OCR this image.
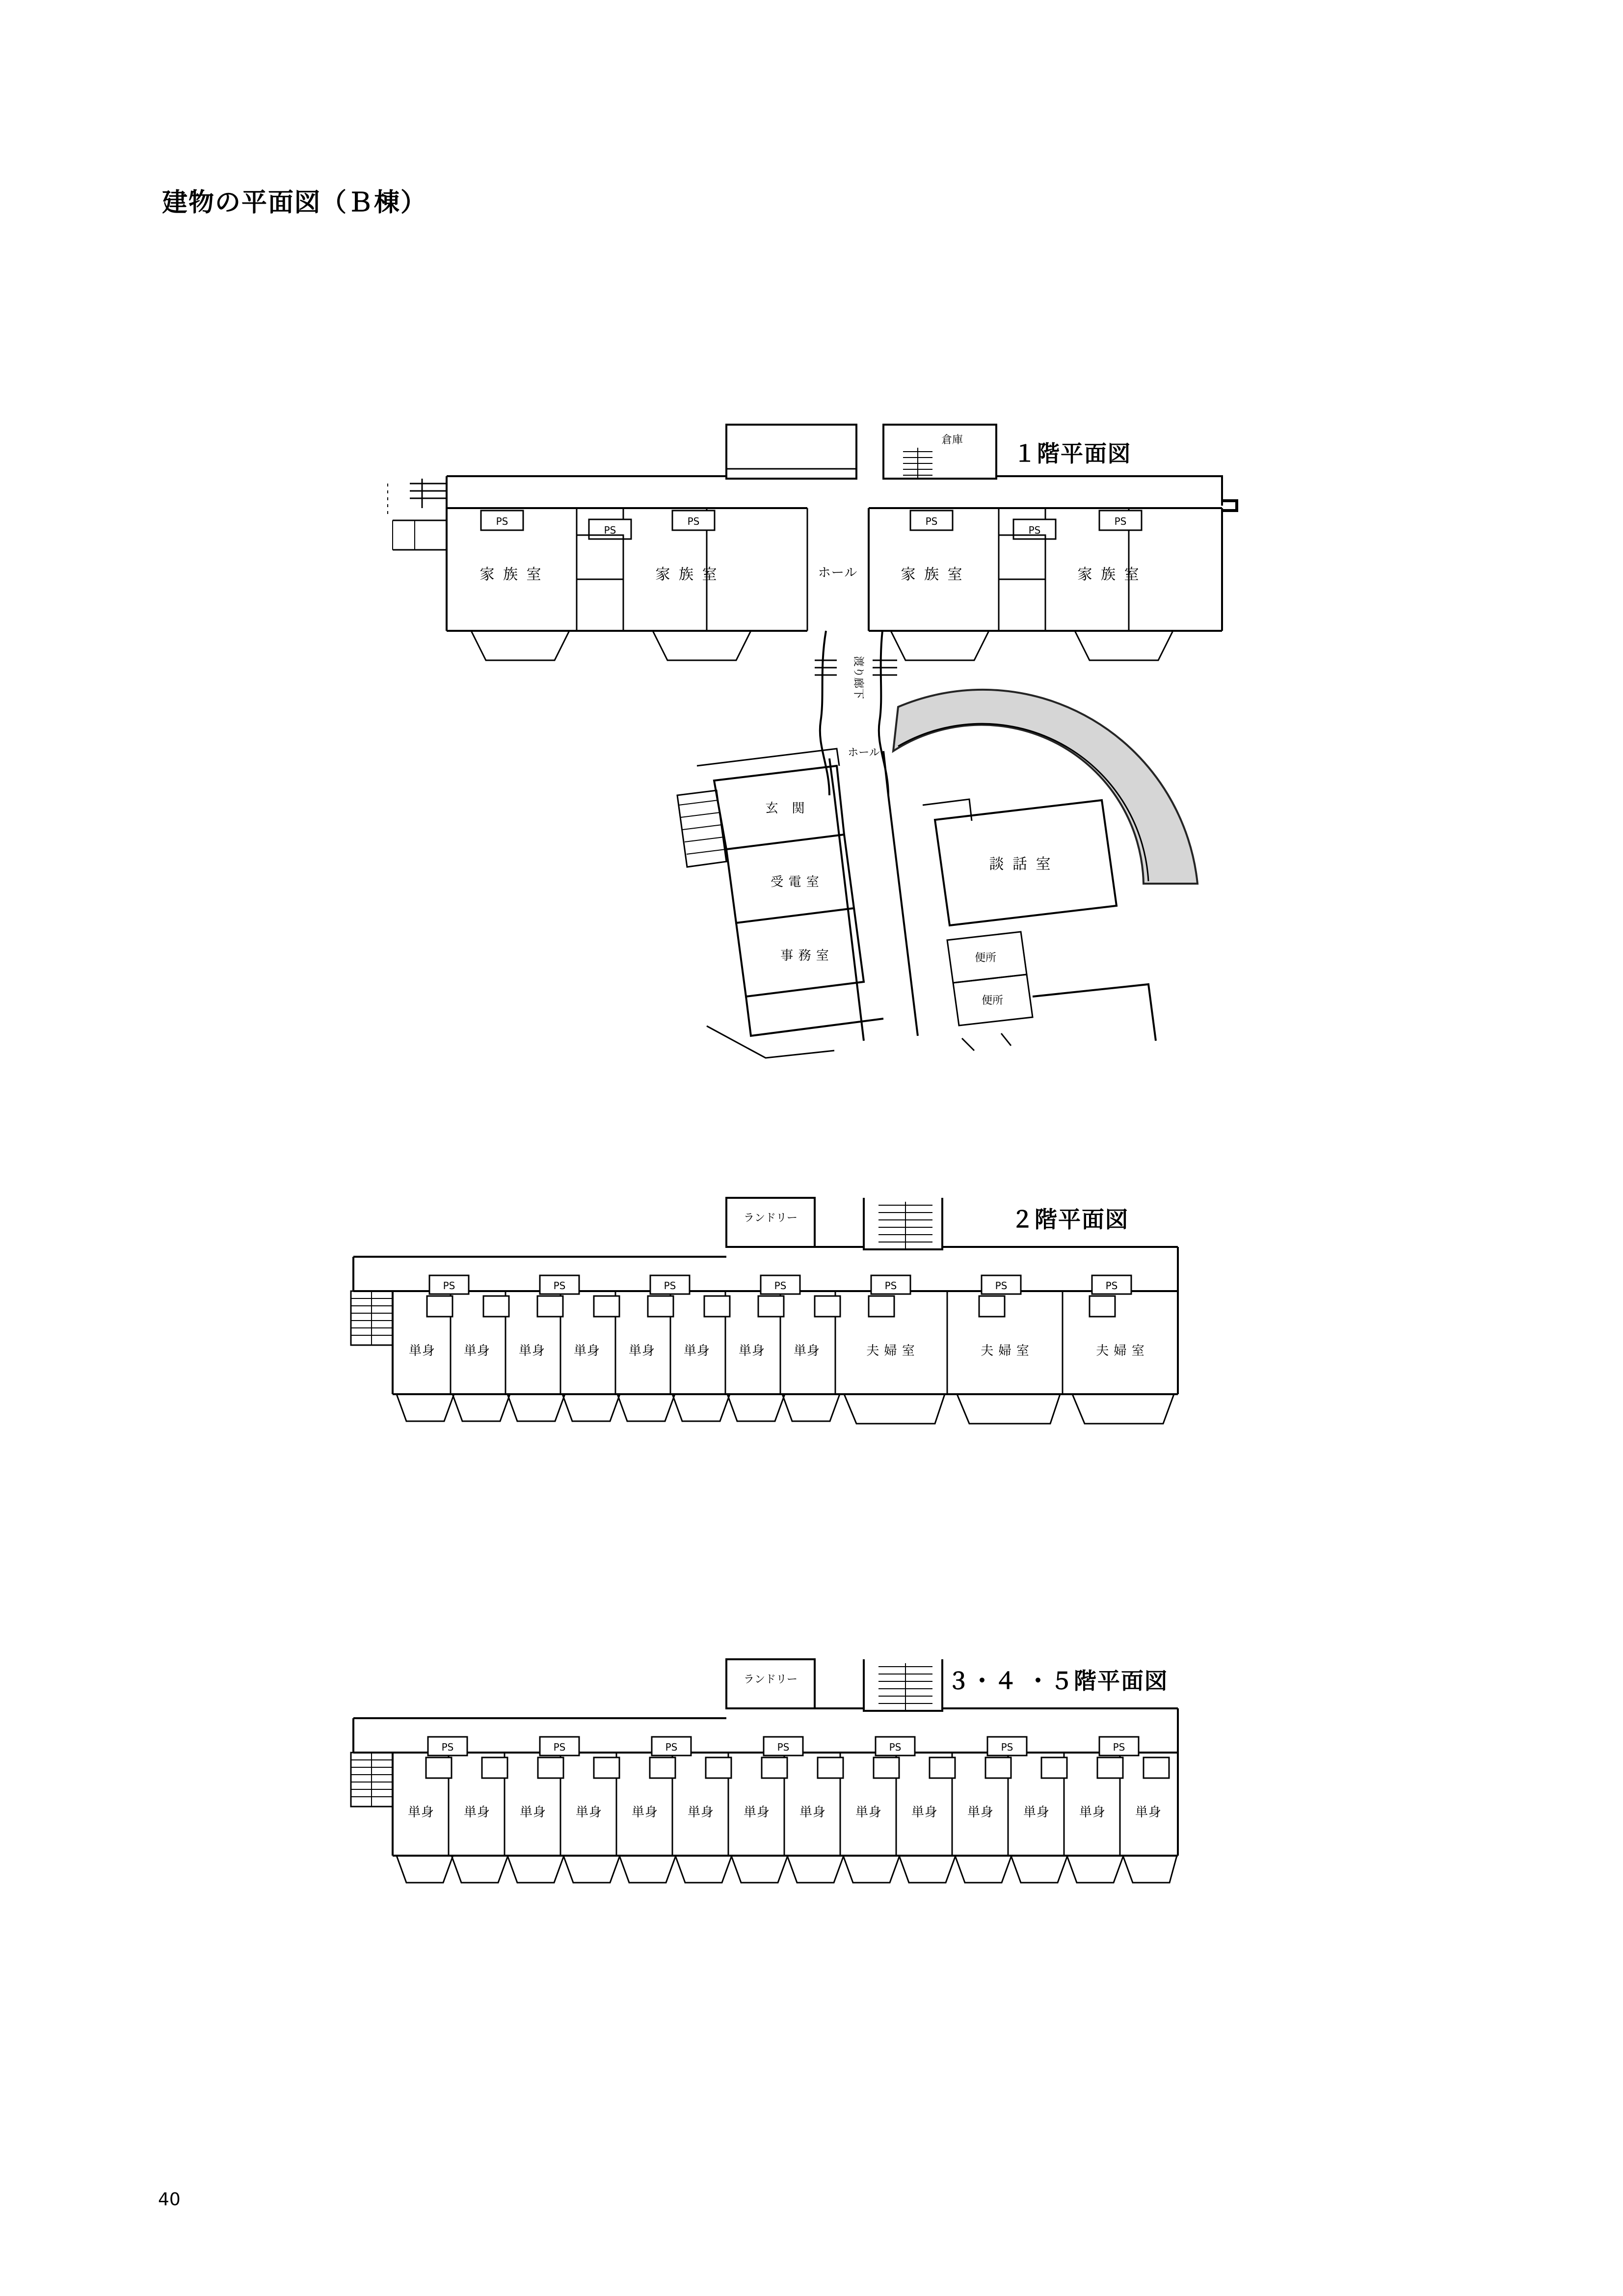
建物の平面図（Ｂ棟）
40
１階平面図
倉庫
ホール
家 族 室	家 族 室	家 族 室	家 族 室
PS
PS
PS	PS
PS
PS
渡り廊下
玄　関
受 電 室
事 務 室
ホール
談 話 室
便所
便所
２階平面図
ランドリー
PS	PS	PS	PS	PS	PS	PS
単身 単身 単身 単身 単身 単身 単身 単身	夫 婦 室	夫 婦 室	夫 婦 室
３・４ ・５階平面図
ランドリー
PS	PS	PS	PS	PS	PS	PS
単身 単身 単身 単身 単身 単身 単身 単身 単身 単身 単身 単身 単身 単身
